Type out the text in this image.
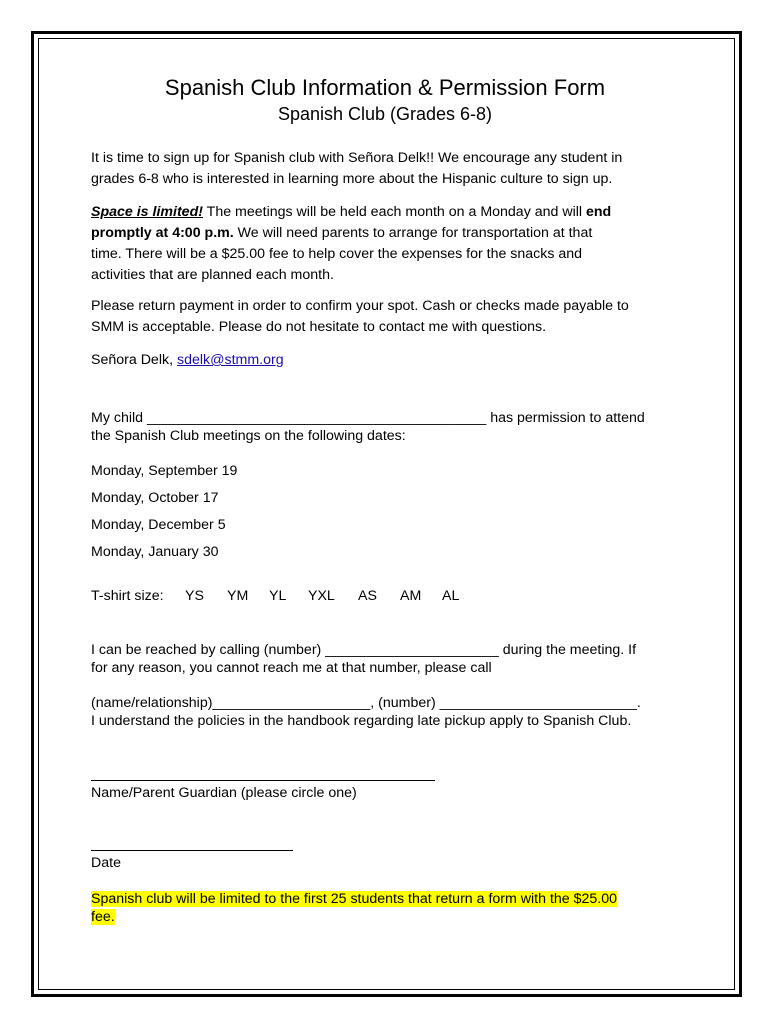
Spanish Club Information & Permission Form
Spanish Club (Grades 6-8)
It is time to sign up for Spanish club with Señora Delk!! We encourage any student in
grades 6-8 who is interested in learning more about the Hispanic culture to sign up.
Space is limited! The meetings will be held each month on a Monday and will end
promptly at 4:00 p.m. We will need parents to arrange for transportation at that
time. There will be a $25.00 fee to help cover the expenses for the snacks and
activities that are planned each month.
Please return payment in order to confirm your spot. Cash or checks made payable to
SMM is acceptable. Please do not hesitate to contact me with questions.
Señora Delk, sdelk@stmm.org
My child ___________________________________________ has permission to attend
the Spanish Club meetings on the following dates:
Monday, September 19
Monday, October 17
Monday, December 5
Monday, January 30
T-shirt size: YS YM YL YXL AS AM AL
I can be reached by calling (number) ______________________ during the meeting. If
for any reason, you cannot reach me at that number, please call
(name/relationship)____________________, (number) _________________________.
I understand the policies in the handbook regarding late pickup apply to Spanish Club.
Name/Parent Guardian (please circle one)
Date
Spanish club will be limited to the first 25 students that return a form with the $25.00
fee.
